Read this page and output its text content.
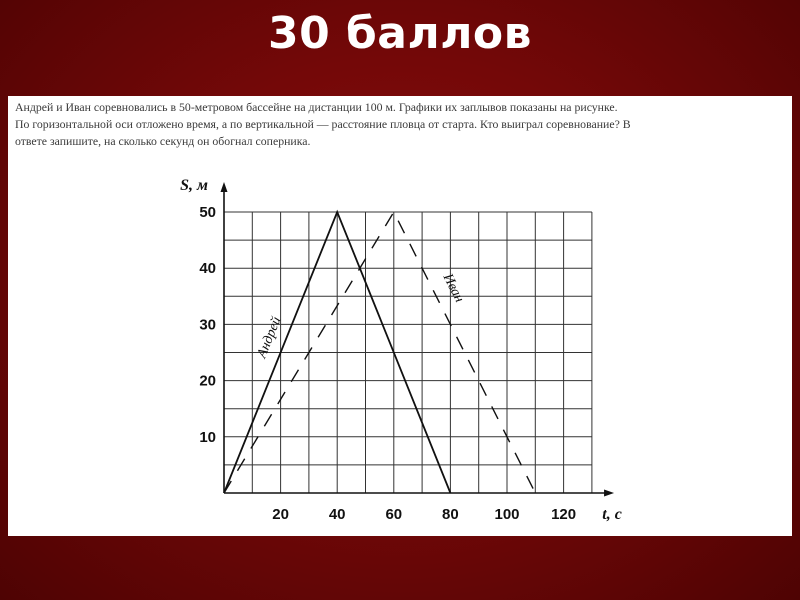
30 баллов
Андрей и Иван соревновались в 50-метровом бассейне на дистанции 100 м. Графики их заплывов показаны на рисунке.
По горизонтальной оси отложено время, а по вертикальной — расстояние пловца от старта. Кто выиграл соревнование? В
ответе запишите, на сколько секунд он обогнал соперника.
20	40	60	80 100 120
10
20
30
40
50
t, с
S, м
Андрей
Иван
